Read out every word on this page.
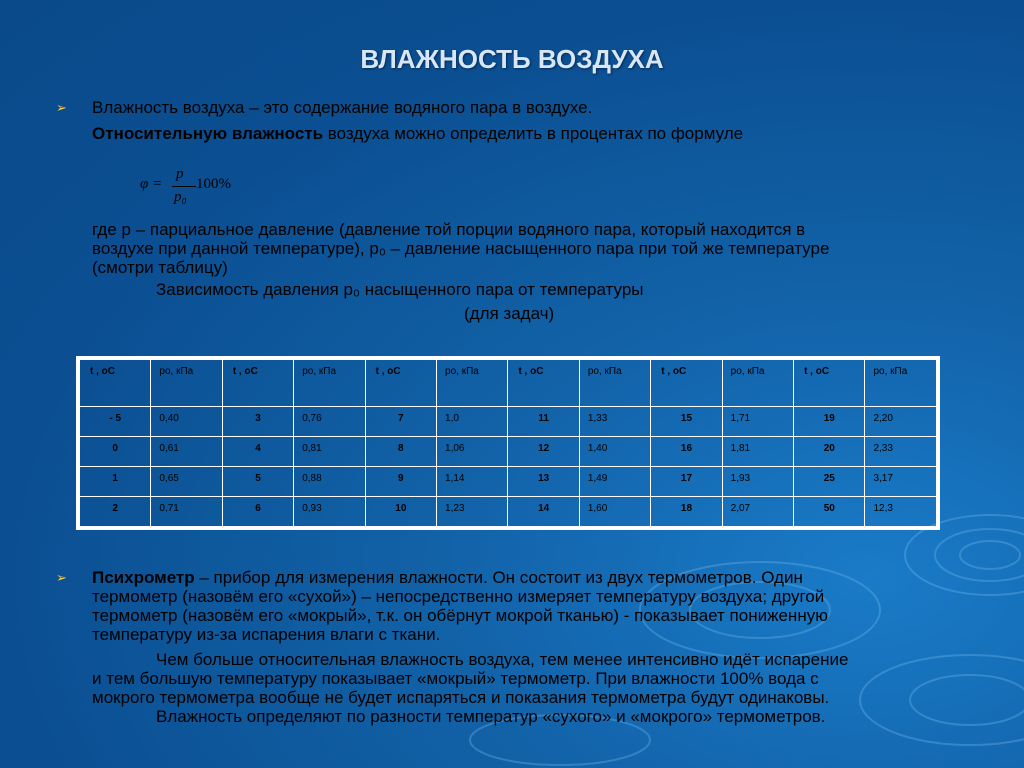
ВЛАЖНОСТЬ ВОЗДУХА
➢ Влажность воздуха – это содержание водяного пара в воздухе.
Относительную влажность воздуха можно определить в процентах по формуле
φ =
p
p₀
100%
где p – парциальное давление (давление той порции водяного пара, который находится в
воздухе при данной температуре), p₀ – давление насыщенного пара при той же температуре
(смотри таблицу)
Зависимость давления p₀ насыщенного пара от температуры
(для задач)
t , oC	po, кПа	t , oC	po, кПа	t , oC	po, кПа	t , oC	po, кПа	t , oC	po, кПа	t , oC	po, кПа
- 5	0,40	3	0,76	7	1,0	11	1,33	15	1,71	19	2,20
0	0,61	4	0,81	8	1,06	12	1,40	16	1,81	20	2,33
1	0,65	5	0,88	9	1,14	13	1,49	17	1,93	25	3,17
2	0,71	6	0,93	10	1,23	14	1,60	18	2,07	50	12,3
➢ Психрометр – прибор для измерения влажности. Он состоит из двух термометров. Один
термометр (назовём его «сухой») – непосредственно измеряет температуру воздуха; другой
термометр (назовём его «мокрый», т.к. он обёрнут мокрой тканью) - показывает пониженную
температуру из-за испарения влаги с ткани.
Чем больше относительная влажность воздуха, тем менее интенсивно идёт испарение
и тем большую температуру показывает «мокрый» термометр. При влажности 100% вода с
мокрого термометра вообще не будет испаряться и показания термометра будут одинаковы.
Влажность определяют по разности температур «сухого» и «мокрого» термометров.
